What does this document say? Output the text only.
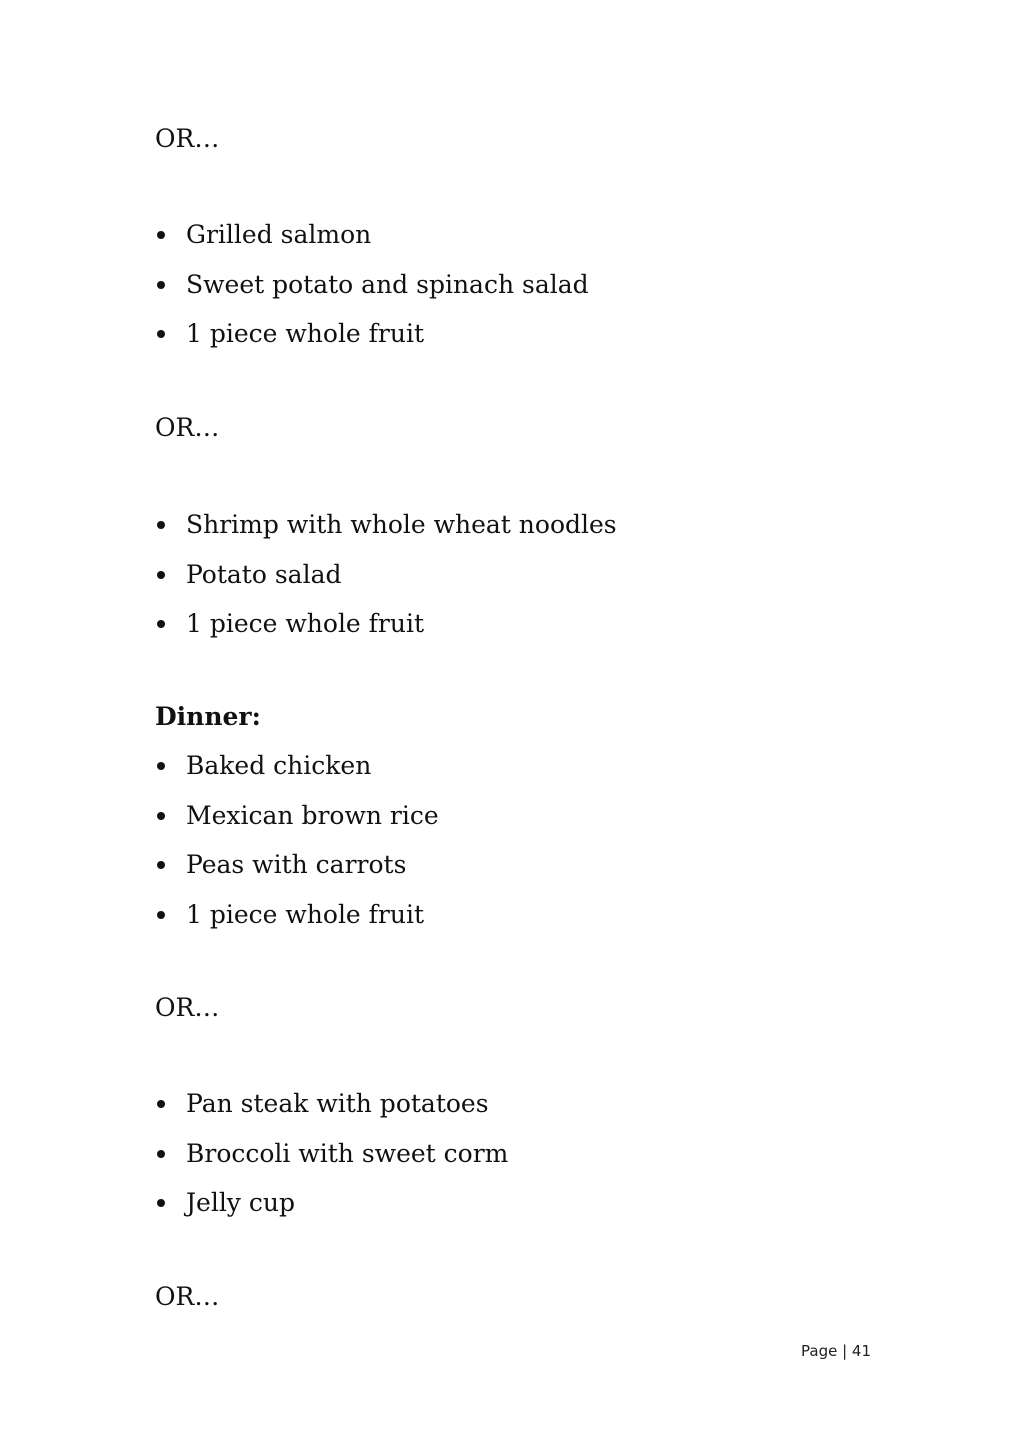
OR…
Grilled salmon
Sweet potato and spinach salad
1 piece whole fruit
OR…
Shrimp with whole wheat noodles
Potato salad
1 piece whole fruit
Dinner:
Baked chicken
Mexican brown rice
Peas with carrots
1 piece whole fruit
OR…
Pan steak with potatoes
Broccoli with sweet corm
Jelly cup
OR…
Page | 41
